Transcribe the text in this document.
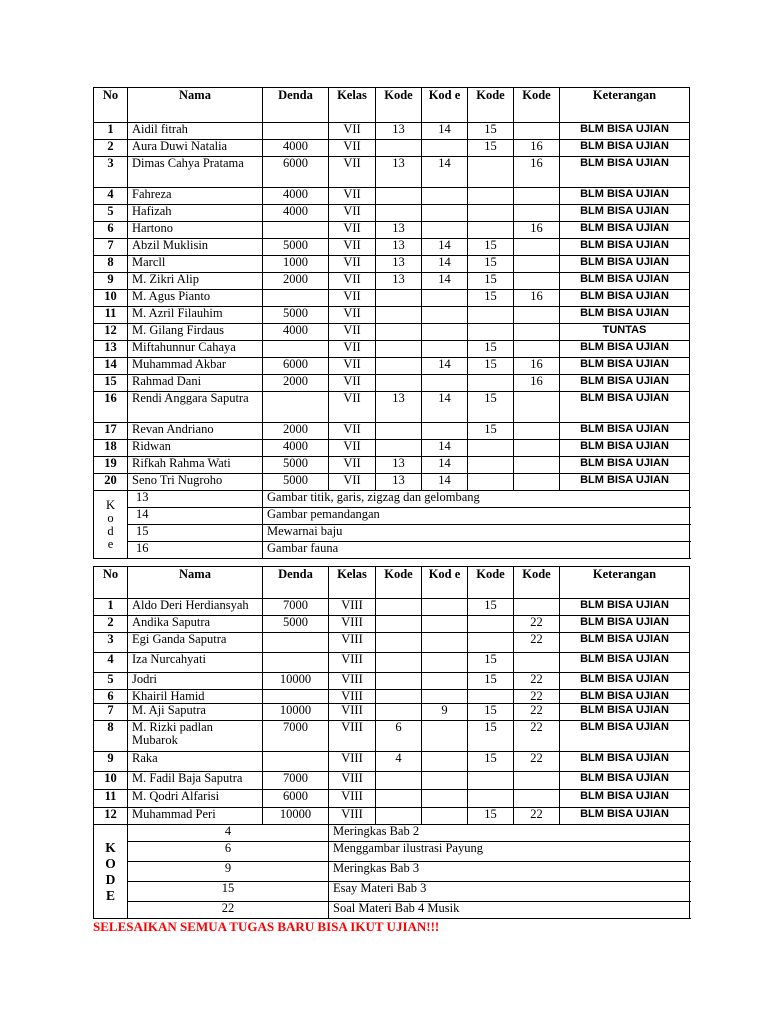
No	Nama	Denda	Kelas	Kode	Kod e	Kode	Kode	Keterangan
1	Aidil fitrah		VII	13	14	15		BLM BISA UJIAN
2	Aura Duwi Natalia	4000	VII			15	16	BLM BISA UJIAN
3	Dimas Cahya Pratama	6000	VII	13	14		16	BLM BISA UJIAN
4	Fahreza	4000	VII					BLM BISA UJIAN
5	Hafizah	4000	VII					BLM BISA UJIAN
6	Hartono		VII	13			16	BLM BISA UJIAN
7	Abzil Muklisin	5000	VII	13	14	15		BLM BISA UJIAN
8	Marcll	1000	VII	13	14	15		BLM BISA UJIAN
9	M. Zikri Alip	2000	VII	13	14	15		BLM BISA UJIAN
10	M. Agus Pianto		VII			15	16	BLM BISA UJIAN
11	M. Azril Filauhim	5000	VII					BLM BISA UJIAN
12	M. Gilang Firdaus	4000	VII					TUNTAS
13	Miftahunnur Cahaya		VII			15		BLM BISA UJIAN
14	Muhammad Akbar	6000	VII		14	15	16	BLM BISA UJIAN
15	Rahmad Dani	2000	VII				16	BLM BISA UJIAN
16	Rendi Anggara Saputra		VII	13	14	15		BLM BISA UJIAN
17	Revan Andriano	2000	VII			15		BLM BISA UJIAN
18	Ridwan	4000	VII		14			BLM BISA UJIAN
19	Rifkah Rahma Wati	5000	VII	13	14			BLM BISA UJIAN
20	Seno Tri Nugroho	5000	VII	13	14			BLM BISA UJIAN
K
o
d
e	13	Gambar titik, garis, zigzag dan gelombang						
	14	Gambar pemandangan						
	15	Mewarnai baju						
	16	Gambar fauna						
No	Nama	Denda	Kelas	Kode	Kod e	Kode	Kode	Keterangan
1	Aldo Deri Herdiansyah	7000	VIII			15		BLM BISA UJIAN
2	Andika Saputra	5000	VIII				22	BLM BISA UJIAN
3	Egi Ganda Saputra		VIII				22	BLM BISA UJIAN
4	Iza Nurcahyati		VIII			15		BLM BISA UJIAN
5	Jodri	10000	VIII			15	22	BLM BISA UJIAN
6	Khairil Hamid		VIII				22	BLM BISA UJIAN
7	M. Aji Saputra	10000	VIII		9	15	22	BLM BISA UJIAN
8	M. Rizki padlan Mubarok	7000	VIII	6		15	22	BLM BISA UJIAN
9	Raka		VIII	4		15	22	BLM BISA UJIAN
10	M. Fadil Baja Saputra	7000	VIII					BLM BISA UJIAN
11	M. Qodri Alfarisi	6000	VIII					BLM BISA UJIAN
12	Muhammad Peri	10000	VIII			15	22	BLM BISA UJIAN
K
O
D
E	4		Meringkas Bab 2					
	6		Menggambar ilustrasi Payung					
	9		Meringkas Bab 3					
	15		Esay Materi Bab 3					
	22		Soal Materi Bab 4 Musik					
SELESAIKAN SEMUA TUGAS BARU BISA IKUT UJIAN!!!
